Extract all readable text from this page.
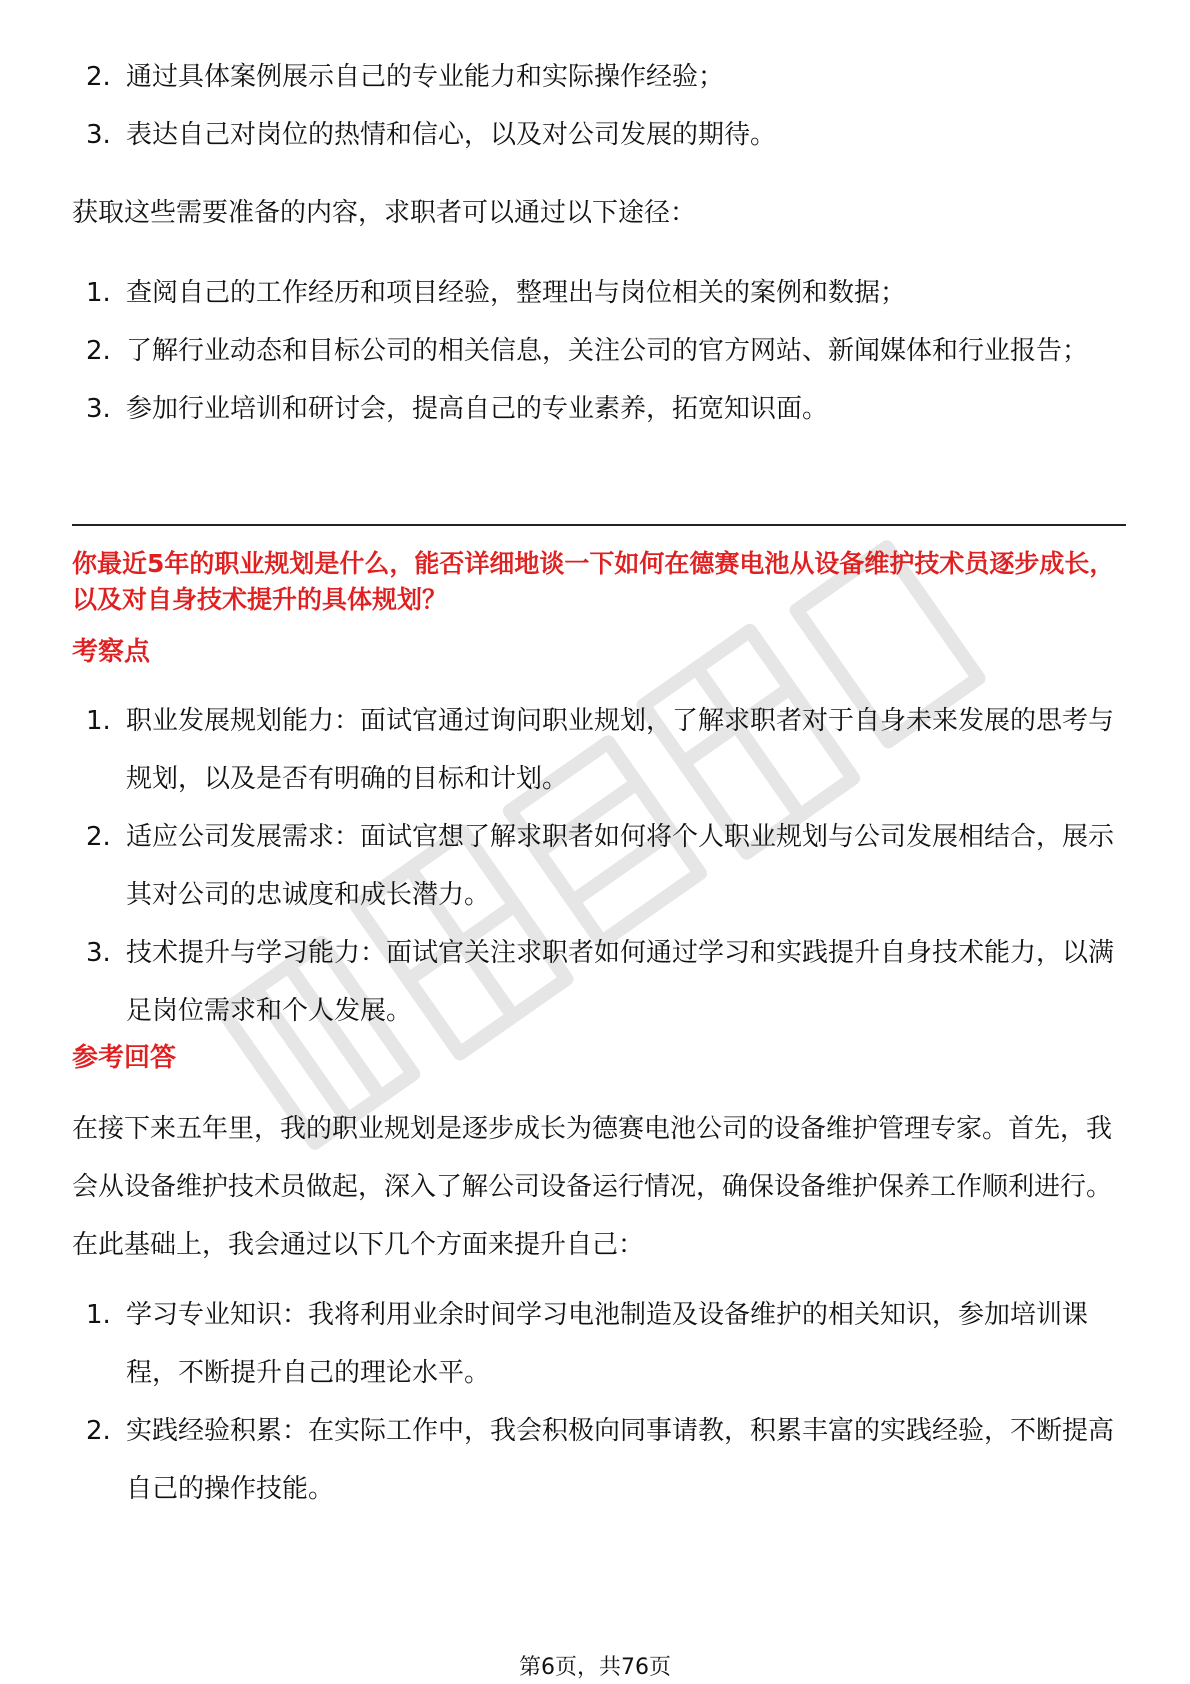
2. 通过具体案例展示自己的专业能力和实际操作经验；
3. 表达自己对岗位的热情和信心，以及对公司发展的期待。

获取这些需要准备的内容，求职者可以通过以下途径：

1. 查阅自己的工作经历和项目经验，整理出与岗位相关的案例和数据；
2. 了解行业动态和目标公司的相关信息，关注公司的官方网站、新闻媒体和行业报告；
3. 参加行业培训和研讨会，提高自己的专业素养，拓宽知识面。

你最近5年的职业规划是什么，能否详细地谈一下如何在德赛电池从设备维护技术员逐步成长，以及对自身技术提升的具体规划？

考察点

1. 职业发展规划能力：面试官通过询问职业规划，了解求职者对于自身未来发展的思考与规划，以及是否有明确的目标和计划。
2. 适应公司发展需求：面试官想了解求职者如何将个人职业规划与公司发展相结合，展示其对公司的忠诚度和成长潜力。
3. 技术提升与学习能力：面试官关注求职者如何通过学习和实践提升自身技术能力，以满足岗位需求和个人发展。

参考回答

在接下来五年里，我的职业规划是逐步成长为德赛电池公司的设备维护管理专家。首先，我会从设备维护技术员做起，深入了解公司设备运行情况，确保设备维护保养工作顺利进行。在此基础上，我会通过以下几个方面来提升自己：

1. 学习专业知识：我将利用业余时间学习电池制造及设备维护的相关知识，参加培训课程，不断提升自己的理论水平。
2. 实践经验积累：在实际工作中，我会积极向同事请教，积累丰富的实践经验，不断提高自己的操作技能。
第6页，共76页
